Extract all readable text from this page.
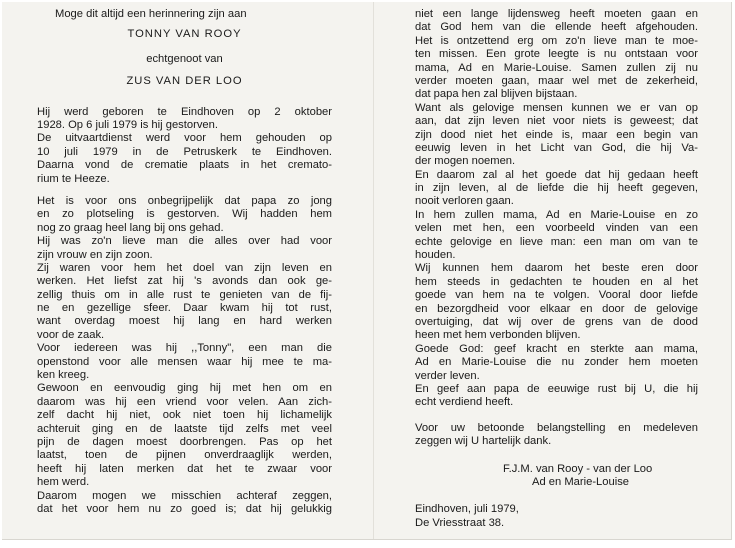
Moge dit altijd een herinnering zijn aan
TONNY VAN ROOY
echtgenoot van
ZUS VAN DER LOO
Hij werd geboren te Eindhoven op 2 oktober
1928. Op 6 juli 1979 is hij gestorven.
De uitvaartdienst werd voor hem gehouden op
10 juli 1979 in de Petruskerk te Eindhoven.
Daarna vond de crematie plaats in het cremato-
rium te Heeze.
Het is voor ons onbegrijpelijk dat papa zo jong
en zo plotseling is gestorven. Wij hadden hem
nog zo graag heel lang bij ons gehad.
Hij was zo'n lieve man die alles over had voor
zijn vrouw en zijn zoon.
Zij waren voor hem het doel van zijn leven en
werken. Het liefst zat hij 's avonds dan ook ge-
zellig thuis om in alle rust te genieten van de fij-
ne en gezellige sfeer. Daar kwam hij tot rust,
want overdag moest hij lang en hard werken
voor de zaak.
Voor iedereen was hij ,,Tonny", een man die
openstond voor alle mensen waar hij mee te ma-
ken kreeg.
Gewoon en eenvoudig ging hij met hen om en
daarom was hij een vriend voor velen. Aan zich-
zelf dacht hij niet, ook niet toen hij lichamelijk
achteruit ging en de laatste tijd zelfs met veel
pijn de dagen moest doorbrengen. Pas op het
laatst, toen de pijnen onverdraaglijk werden,
heeft hij laten merken dat het te zwaar voor
hem werd.
Daarom mogen we misschien achteraf zeggen,
dat het voor hem nu zo goed is; dat hij gelukkig
niet een lange lijdensweg heeft moeten gaan en
dat God hem van die ellende heeft afgehouden.
Het is ontzettend erg om zo'n lieve man te moe-
ten missen. Een grote leegte is nu ontstaan voor
mama, Ad en Marie-Louise. Samen zullen zij nu
verder moeten gaan, maar wel met de zekerheid,
dat papa hen zal blijven bijstaan.
Want als gelovige mensen kunnen we er van op
aan, dat zijn leven niet voor niets is geweest; dat
zijn dood niet het einde is, maar een begin van
eeuwig leven in het Licht van God, die hij Va-
der mogen noemen.
En daarom zal al het goede dat hij gedaan heeft
in zijn leven, al de liefde die hij heeft gegeven,
nooit verloren gaan.
In hem zullen mama, Ad en Marie-Louise en zo
velen met hen, een voorbeeld vinden van een
echte gelovige en lieve man: een man om van te
houden.
Wij kunnen hem daarom het beste eren door
hem steeds in gedachten te houden en al het
goede van hem na te volgen. Vooral door liefde
en bezorgdheid voor elkaar en door de gelovige
overtuiging, dat wij over de grens van de dood
heen met hem verbonden blijven.
Goede God: geef kracht en sterkte aan mama,
Ad en Marie-Louise die nu zonder hem moeten
verder leven.
En geef aan papa de eeuwige rust bij U, die hij
echt verdiend heeft.
Voor uw betoonde belangstelling en medeleven
zeggen wij U hartelijk dank.
F.J.M. van Rooy - van der Loo
Ad en Marie-Louise
Eindhoven, juli 1979,
De Vriesstraat 38.
